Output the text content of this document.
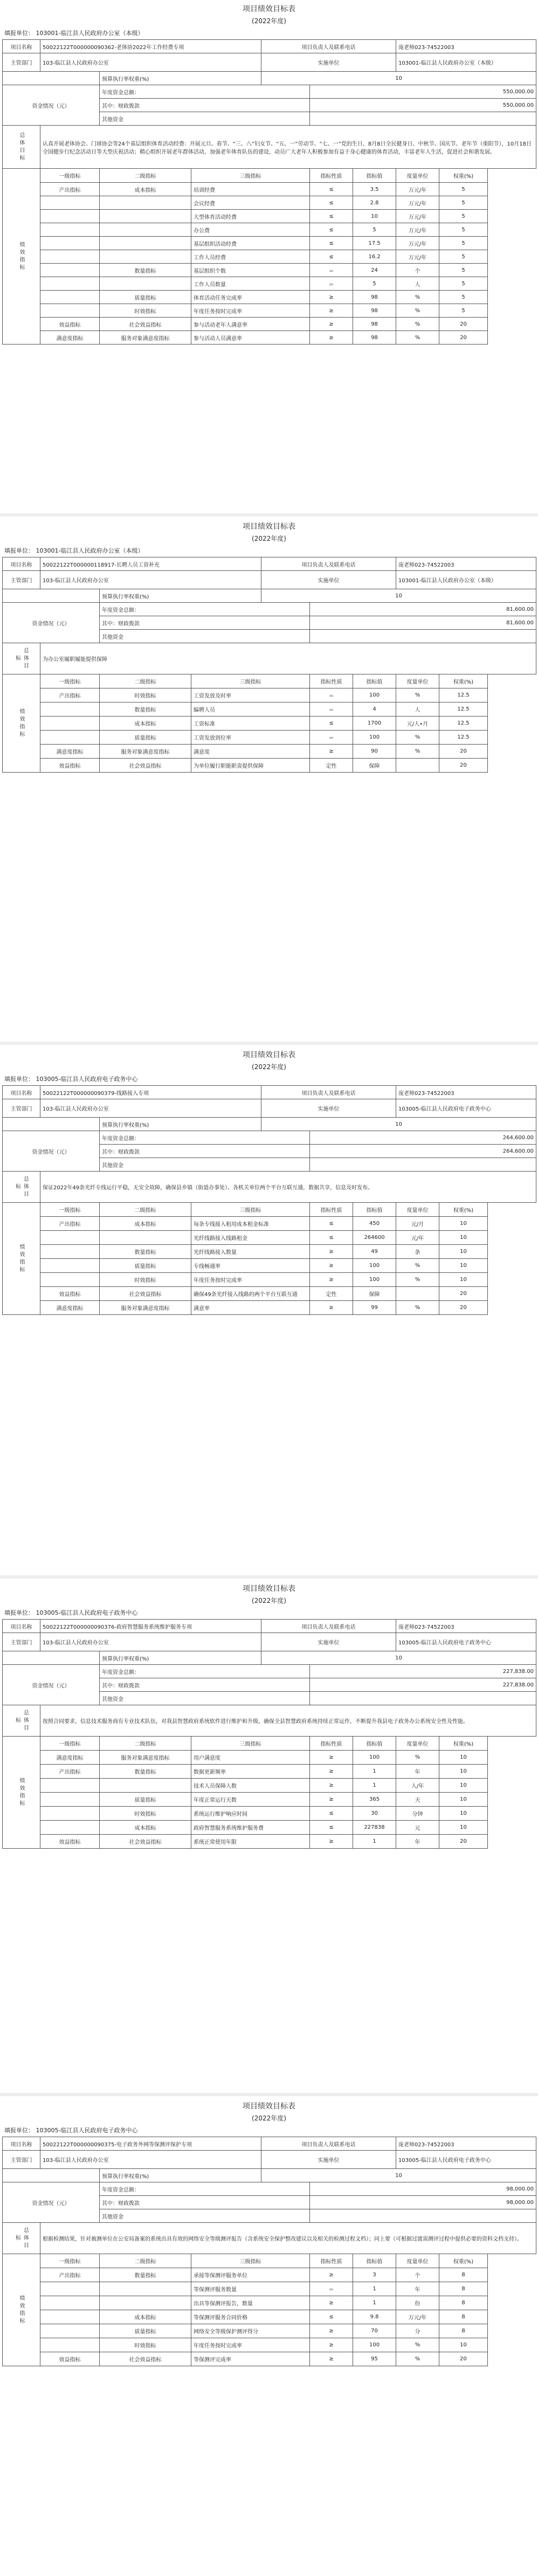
项目绩效目标表
(2022年度)
填报单位： 103001-临江县人民政府办公室（本级）
项目名称	50022122T000000090362-老体协2022年工作经费专项			项目负责人及联系电话			庞老师023-74522003	
主管部门	103-临江县人民政府办公室			实施单位			103001-临江县人民政府办公室（本级）	
		预算执行率权重(%)		10				
资金情况（元）		年度资金总额：			550,000.00			
		其中：财政拨款			550,000.00			
		其他资金						
总体目标	认真开展老体协会、门球协会等24个基层组织体育活动经费：开展元旦、春节、“三、八”妇女节、“五、一”劳动节、“七、一”党的生日、8月8日全民健身日、中秋节、国庆节、老年节（重阳节），10月18日全国健步行纪念活动日等大型庆祝活动；精心组织开展老年群体活动，加强老年体育队伍的建设，动员广大老年人积极参加有益于身心健康的体育活动，丰富老年人生活，促进社会和谐发展。							
绩效指标	一级指标	二级指标	三级指标		指标性质	指标值	度量单位	权重(%)
	产出指标	成本指标	培训经费		≤	3.5	万元/年	5
			会议经费		≤	2.8	万元/年	5
			大型体育活动经费		≤	10	万元/年	5
			办公费		≤	5	万元/年	5
			基层组织活动经费		≤	17.5	万元/年	5
			工作人员经费		≤	16.2	万元/年	5
		数量指标	基层组织个数		＝	24	个	5
			工作人员数量		＝	5	人	5
		质量指标	体育活动任务完成率		≥	98	%	5
		时效指标	年度任务按时完成率		≥	98	%	5
	效益指标	社会效益指标	参与活动老年人满意率		≥	98	%	20
	满意度指标	服务对象满意度指标	参与活动人员满意率		≥	98	%	20
项目绩效目标表
(2022年度)
填报单位： 103001-临江县人民政府办公室（本级）
项目名称	50022122T000000118917-长聘人员工资补充			项目负责人及联系电话			庞老师023-74522003	
主管部门	103-临江县人民政府办公室			实施单位			103001-临江县人民政府办公室（本级）	
		预算执行率权重(%)		10				
资金情况（元）		年度资金总额：			81,600.00			
		其中：财政拨款			81,600.00			
		其他资金						
总体目标	为办公室履职履能提供保障							
绩效指标	一级指标	二级指标	三级指标		指标性质	指标值	度量单位	权重(%)
	产出指标	时效指标	工资发放及时率		＝	100	%	12.5
		数量指标	编聘人员		＝	4	人	12.5
		成本指标	工资标准		≤	1700	元/人•月	12.5
		质量指标	工资发放到位率		＝	100	%	12.5
	满意度指标	服务对象满意度指标	满意度		≥	90	%	20
	效益指标	社会效益指标	为单位履行职能职责提供保障		定性	保障		20
项目绩效目标表
(2022年度)
填报单位： 103005-临江县人民政府电子政务中心
项目名称	50022122T000000090379-线路接入专项			项目负责人及联系电话			庞老师023-74522003	
主管部门	103-临江县人民政府办公室			实施单位			103005-临江县人民政府电子政务中心	
		预算执行率权重(%)		10				
资金情况（元）		年度资金总额：			264,600.00			
		其中：财政拨款			264,600.00			
		其他资金						
总体目标	保证2022年49条光纤专线运行平稳，无安全故障，确保县乡镇（街道办事处）、各机关单位两个平台互联互通，数据共享，信息及时发布。							
绩效指标	一级指标	二级指标	三级指标		指标性质	指标值	度量单位	权重(%)
	产出指标	成本指标	每条专线接入租用成本租金标准		≤	450	元/月	10
			光纤线路接入线路租金		≤	264600	元/年	10
		数量指标	光纤线路接入数量		≥	49	条	10
		质量指标	专线畅通率		≥	100	%	10
		时效指标	年度任务按时完成率		≥	100	%	10
	效益指标	社会效益指标	确保49条光纤接入线路的两个平台互联互通		定性	保障		20
	满意度指标	服务对象满意度指标	满意率		≥	99	%	20
项目绩效目标表
(2022年度)
填报单位： 103005-临江县人民政府电子政务中心
项目名称	50022122T000000090376-政府智慧服务系统维护服务专项			项目负责人及联系电话			庞老师023-74522003	
主管部门	103-临江县人民政府办公室			实施单位			103005-临江县人民政府电子政务中心	
		预算执行率权重(%)		10				
资金情况（元）		年度资金总额：			227,838.00			
		其中：财政拨款			227,838.00			
		其他资金						
总体目标	按照合同要求，信息技术服务商有专业技术队伍，对我县智慧政府系统软件进行维护和升级，确保全县智慧政府系统持续正常运作，不断提升我县电子政务办公系统安全性及性能。							
绩效指标	一级指标	二级指标	三级指标		指标性质	指标值	度量单位	权重(%)
	满意度指标	服务对象满意度指标	用户满意度		≥	100	%	10
	产出指标	数量指标	数据更新频率		≥	1	年	10
			技术人员保障人数		≥	1	人/年	10
		质量指标	年度正常运行天数		≥	365	天	10
		时效指标	系统运行维护响应时间		≤	30	分钟	10
		成本指标	政府智慧服务系统维护服务费		≤	227838	元	10
	效益指标	社会效益指标	系统正常使用年限		≥	1	年	20
项目绩效目标表
(2022年度)
填报单位： 103005-临江县人民政府电子政务中心
项目名称	50022122T000000090375-电子政务外网等保测评保护专项			项目负责人及联系电话			庞老师023-74522003	
主管部门	103-临江县人民政府办公室			实施单位			103005-临江县人民政府电子政务中心	
		预算执行率权重(%)		10				
资金情况（元）		年度资金总额：			98,000.00			
		其中：财政拨款			98,000.00			
		其他资金						
总体目标	根据检测结果，针对被测单位在公安局备案的系统出具有效的网络安全等级测评报告（含系统安全保护整改建议以及相关的检测过程文档）；同上要（可根据过渡需测评过程中提供必要的资料文档支持）。							
绩效指标	一级指标	二级指标	三级指标		指标性质	指标值	度量单位	权重(%)
	产出指标	数量指标	承接等保测评服务单位		≥	3	个	8
			等保测评服务数量		＝	1	年	8
			出具等保测评报告，数量		≥	1	份	8
		成本指标	等保测评服务合同价格		≤	9.8	万元/年	8
		质量指标	网络安全等级保护测评得分		≥	70	分	8
		时效指标	年度任务按时完成率		≥	100	%	10
	效益指标	社会效益指标	等保测评完成率		≥	95	%	20
